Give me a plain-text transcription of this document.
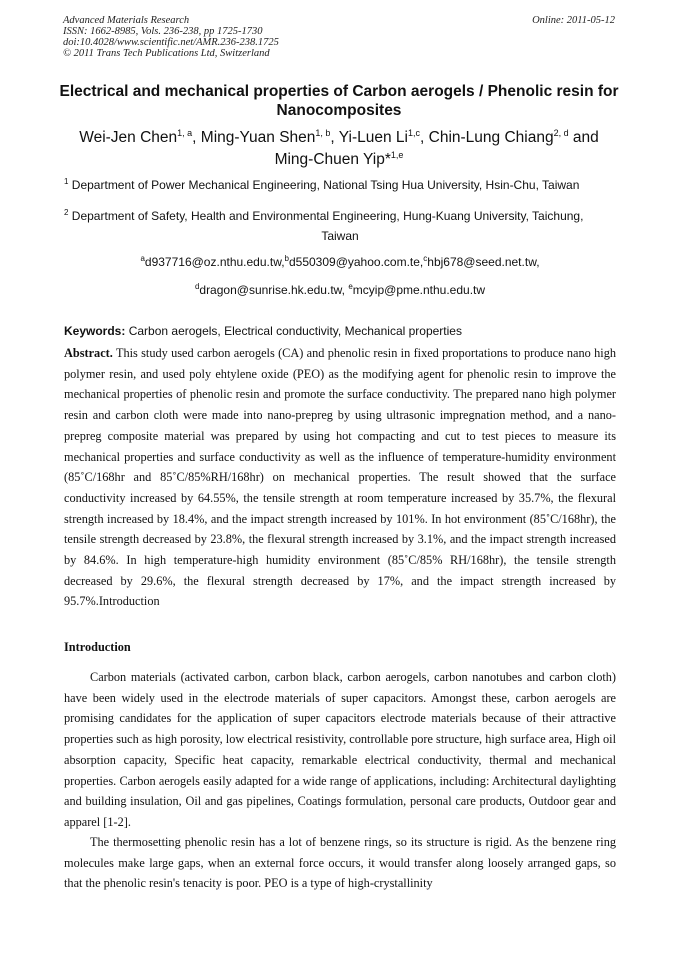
Advanced Materials Research
ISSN: 1662-8985, Vols. 236-238, pp 1725-1730
doi:10.4028/www.scientific.net/AMR.236-238.1725
© 2011 Trans Tech Publications Ltd, Switzerland
Online: 2011-05-12
Electrical and mechanical properties of Carbon aerogels / Phenolic resin for Nanocomposites
Wei-Jen Chen$^{1, a}$, Ming-Yuan Shen$^{1, b}$, Yi-Luen Li$^{1,c}$, Chin-Lung Chiang$^{2, d}$ and
Ming-Chuen Yip*$^{1,e}$
$^1$ Department of Power Mechanical Engineering, National Tsing Hua University, Hsin-Chu, Taiwan
$^2$ Department of Safety, Health and Environmental Engineering, Hung-Kuang University, Taichung,
Taiwan
$^a$d937716@oz.nthu.edu.tw,$^b$d550309@yahoo.com.te,$^c$hbj678@seed.net.tw,
$^d$dragon@sunrise.hk.edu.tw, $^e$mcyip@pme.nthu.edu.tw
Keywords: Carbon aerogels, Electrical conductivity, Mechanical properties
Abstract. This study used carbon aerogels (CA) and phenolic resin in fixed proportations to produce nano high polymer resin, and used poly ehtylene oxide (PEO) as the modifying agent for phenolic resin to improve the mechanical properties of phenolic resin and promote the surface conductivity. The prepared nano high polymer resin and carbon cloth were made into nano-prepreg by using ultrasonic impregnation method, and a nano-prepreg composite material was prepared by using hot compacting and cut to test pieces to measure its mechanical properties and surface conductivity as well as the influence of temperature-humidity environment (85˚C/168hr and 85˚C/85%RH/168hr) on mechanical properties. The result showed that the surface conductivity increased by 64.55%, the tensile strength at room temperature increased by 35.7%, the flexural strength increased by 18.4%, and the impact strength increased by 101%. In hot environment (85˚C/168hr), the tensile strength decreased by 23.8%, the flexural strength increased by 3.1%, and the impact strength increased by 84.6%. In high temperature-high humidity environment (85˚C/85% RH/168hr), the tensile strength decreased by 29.6%, the flexural strength decreased by 17%, and the impact strength increased by 95.7%.Introduction
Introduction
Carbon materials (activated carbon, carbon black, carbon aerogels, carbon nanotubes and carbon cloth) have been widely used in the electrode materials of super capacitors. Amongst these, carbon aerogels are promising candidates for the application of super capacitors electrode materials because of their attractive properties such as high porosity, low electrical resistivity, controllable pore structure, high surface area, High oil absorption capacity, Specific heat capacity, remarkable electrical conductivity, thermal and mechanical properties. Carbon aerogels easily adapted for a wide range of applications, including: Architectural daylighting and building insulation, Oil and gas pipelines, Coatings formulation, personal care products, Outdoor gear and apparel [1-2].
The thermosetting phenolic resin has a lot of benzene rings, so its structure is rigid. As the benzene ring molecules make large gaps, when an external force occurs, it would transfer along loosely arranged gaps, so that the phenolic resin's tenacity is poor. PEO is a type of high-crystallinity
